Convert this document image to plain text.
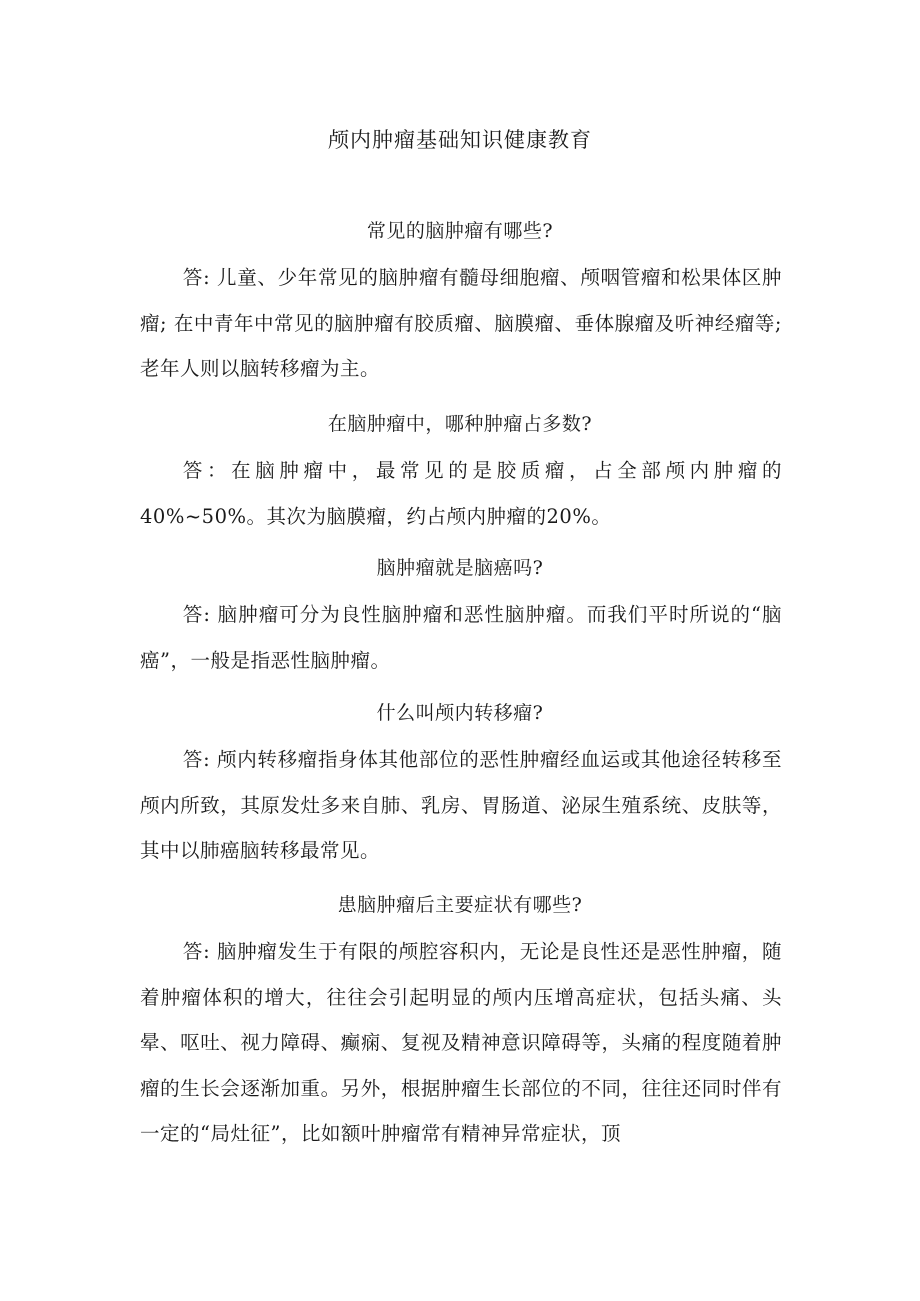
颅内肿瘤基础知识健康教育
常见的脑肿瘤有哪些?

答: 儿童、少年常见的脑肿瘤有髓母细胞瘤、颅咽管瘤和松果体区肿瘤; 在中青年中常见的脑肿瘤有胶质瘤、脑膜瘤、垂体腺瘤及听神经瘤等; 老年人则以脑转移瘤为主。

在脑肿瘤中，哪种肿瘤占多数?

答：在脑肿瘤中，最常见的是胶质瘤，占全部颅内肿瘤的40%~50%。其次为脑膜瘤，约占颅内肿瘤的20%。

脑肿瘤就是脑癌吗?

答: 脑肿瘤可分为良性脑肿瘤和恶性脑肿瘤。而我们平时所说的“脑癌”，一般是指恶性脑肿瘤。

什么叫颅内转移瘤?

答: 颅内转移瘤指身体其他部位的恶性肿瘤经血运或其他途径转移至颅内所致，其原发灶多来自肺、乳房、胃肠道、泌尿生殖系统、皮肤等，其中以肺癌脑转移最常见。

患脑肿瘤后主要症状有哪些?

答: 脑肿瘤发生于有限的颅腔容积内，无论是良性还是恶性肿瘤，随着肿瘤体积的增大，往往会引起明显的颅内压增高症状，包括头痛、头晕、呕吐、视力障碍、癫痫、复视及精神意识障碍等，头痛的程度随着肿瘤的生长会逐渐加重。另外，根据肿瘤生长部位的不同，往往还同时伴有一定的“局灶征”，比如额叶肿瘤常有精神异常症状，顶
